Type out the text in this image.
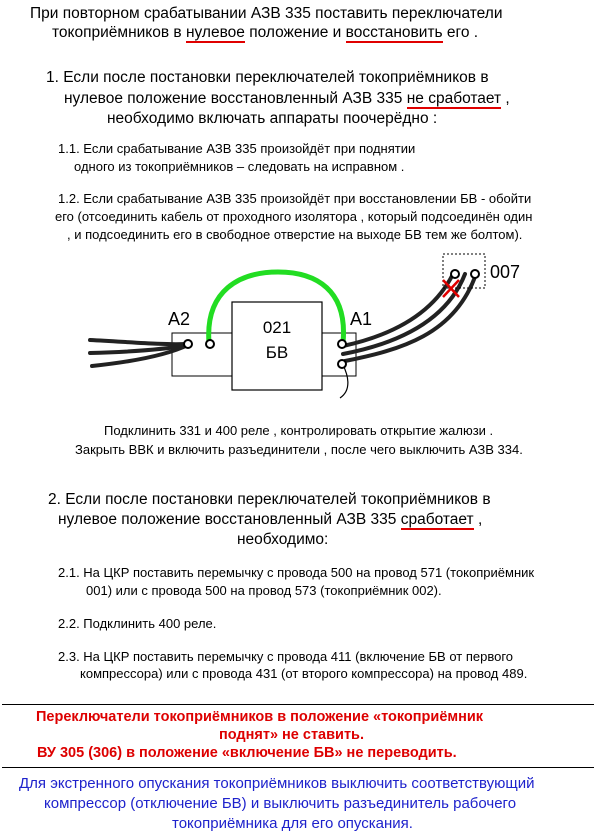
При повторном срабатывании АЗВ 335 поставить переключатели
токоприёмников в нулевое положение и восстановить его .
1. Если после постановки переключателей токоприёмников в
нулевое положение восстановленный АЗВ 335 не сработает ,
необходимо включать аппараты поочерёдно :
1.1. Если срабатывание АЗВ 335 произойдёт при поднятии
одного из токоприёмников – следовать на исправном .
1.2. Если срабатывание АЗВ 335 произойдёт при восстановлении БВ - обойти
его (отсоединить кабель от проходного изолятора , который подсоединён один
, и подсоединить его в свободное отверстие на выходе БВ тем же болтом).
021
БВ
А2	А1
007
Подклинить 331 и 400 реле , контролировать открытие жалюзи .
Закрыть ВВК и включить разъединители , после чего выключить АЗВ 334.
2. Если после постановки переключателей токоприёмников в
нулевое положение восстановленный АЗВ 335 сработает ,
необходимо:
2.1. На ЦКР поставить перемычку с провода 500 на провод 571 (токоприёмник
001) или с провода 500 на провод 573 (токоприёмник 002).
2.2. Подклинить 400 реле.
2.3. На ЦКР поставить перемычку с провода 411 (включение БВ от первого
компрессора) или с провода 431 (от второго компрессора) на провод 489.
Переключатели токоприёмников в положение «токоприёмник
поднят» не ставить.
ВУ 305 (306) в положение «включение БВ» не переводить.
Для экстренного опускания токоприёмников выключить соответствующий
компрессор (отключение БВ) и выключить разъединитель рабочего
токоприёмника для его опускания.
